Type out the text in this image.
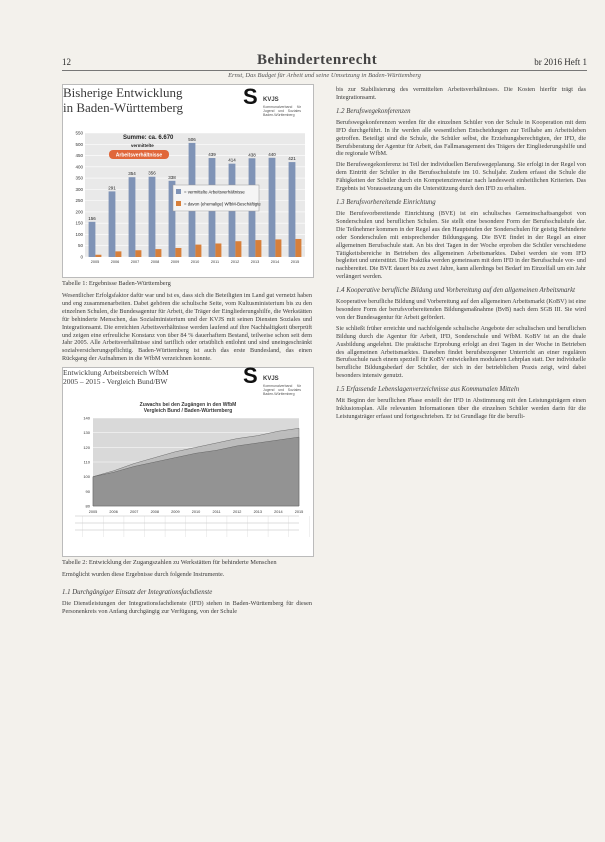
12	Behindertenrecht	br 2016 Heft 1
Ernst, Das Budget für Arbeit und seine Umsetzung in Baden-Württemberg
Bisherige Entwicklung
in Baden-Württemberg	S KVJS
Kommunalverband für Jugend und Soziales Baden-Württemberg
0
50
100
150
200
250
300
350
400
450
500
550
156
2005
291
2006
354
2007
356
2008
338
2009
506
2010
439
2011
414
2012
438
2013
440
2014
421
2015
Summe: ca. 6.670
vermittelte
Arbeitsverhältnisse
= vermittelte Arbeitsverhältnisse
= davon (ehemalige) WfbM-Beschäftigte
Tabelle 1: Ergebnisse Baden-Württemberg

Wesentlicher Erfolgsfaktor dafür war und ist es, dass sich die Beteiligten im Land gut vernetzt haben und eng zusammenarbeiten. Dabei gehören die schulische Seite, vom Kultusministerium bis zu den einzelnen Schulen, die Bundesagentur für Arbeit, die Träger der Eingliederungshilfe, die Werkstätten für behinderte Menschen, das Sozialministerium und der KVJS mit seinen Diensten Soziales und Integrationsamt. Die erreichten Arbeitsverhältnisse werden laufend auf ihre Nachhaltigkeit überprüft und zeigen eine erfreuliche Konstanz von über 84 % dauerhaftem Bestand, teilweise schon seit dem Jahr 2005. Alle Arbeitsverhältnisse sind tariflich oder ortsüblich entlohnt und sind uneingeschränkt sozialversicherungspflichtig. Baden-Württemberg ist auch das erste Bundesland, das einen Rückgang der Aufnahmen in die WfbM verzeichnen konnte.

Entwicklung Arbeitsbereich WfbM
2005 – 2015 - Vergleich Bund/BW	S KVJS
Kommunalverband für Jugend und Soziales Baden-Württemberg
Zuwachs bei den Zugängen in den WfbM
Vergleich Bund / Baden-Württemberg
80
90
100
110
120
130
140
2005	2006	2007	2008	2009	2010	2011	2012	2013	2014	2015
Tabelle 2: Entwicklung der Zugangszahlen zu Werkstätten für behinderte Menschen

Ermöglicht wurden diese Ergebnisse durch folgende Instrumente.

1.1 Durchgängiger Einsatz der Integrationsfachdienste

Die Dienstleistungen der Integrationsfachdienste (IFD) stehen in Baden-Württemberg für diesen Personenkreis von Anfang durchgängig zur Verfügung, von der Schule

bis zur Stabilisierung des vermittelten Arbeitsverhältnisses. Die Kosten hierfür trägt das Integrationsamt.

1.2 Berufswegekonferenzen

Berufswegekonferenzen werden für die einzelnen Schüler von der Schule in Kooperation mit dem IFD durchgeführt. In ihr werden alle wesentlichen Entscheidungen zur Teilhabe am Arbeitsleben getroffen. Beteiligt sind die Schule, die Schüler selbst, die Erziehungsberechtigten, der IFD, die Berufsberatung der Agentur für Arbeit, das Fallmanagement des Trägers der Eingliederungshilfe und die regionale WfbM.

Die Berufswegekonferenz ist Teil der individuellen Berufswegeplanung. Sie erfolgt in der Regel von dem Eintritt der Schüler in die Berufsschulstufe im 10. Schuljahr. Zudem erfasst die Schule die Fähigkeiten der Schüler durch ein Kompetenzinventar nach landesweit einheitlichen Kriterien. Das Ergebnis ist Voraussetzung um die Unterstützung durch den IFD zu erhalten.

1.3 Berufsvorbereitende Einrichtung

Die Berufsvorbereitende Einrichtung (BVE) ist ein schulisches Gemeinschaftsangebot von Sonderschulen und beruflichen Schulen. Sie stellt eine besondere Form der Berufsschulstufe dar. Die Teilnehmer kommen in der Regel aus den Hauptstufen der Sonderschulen für geistig Behinderte oder Sonderschulen mit entsprechender Bildungsgang. Die BVE findet in der Regel an einer allgemeinen Berufsschule statt. An bis drei Tagen in der Woche erproben die Schüler verschiedene Tätigkeitsbereiche in Betrieben des allgemeinen Arbeitsmarktes. Dabei werden sie vom IFD begleitet und unterstützt. Die Praktika werden gemeinsam mit dem IFD in der Berufsschule vor- und nachbereitet. Die BVE dauert bis zu zwei Jahre, kann allerdings bei Bedarf im Einzelfall um ein Jahr verlängert werden.

1.4 Kooperative berufliche Bildung und Vorbereitung auf den allgemeinen Arbeitsmarkt

Kooperative berufliche Bildung und Vorbereitung auf den allgemeinen Arbeitsmarkt (KoBV) ist eine besondere Form der berufsvorbereitenden Bildungsmaßnahme (BvB) nach dem SGB III. Sie wird von der Bundesagentur für Arbeit gefördert.

Sie schließt früher erreichte und nachfolgende schulische Angebote der schulischen und beruflichen Bildung durch die Agentur für Arbeit, IFD, Sonderschule und WfbM. KoBV ist an die duale Ausbildung angelehnt. Die praktische Erprobung erfolgt an drei Tagen in der Woche in Betrieben des allgemeinen Arbeitsmarktes. Daneben findet berufsbezogener Unterricht an einer regulären Berufsschule nach einem speziell für KoBV entwickelten modularen Lehrplan statt. Der individuelle berufliche Bildungsbedarf der Schüler, der sich in der betrieblichen Praxis zeigt, wird dabei besonders intensiv genutzt.

1.5 Erfassende Lebenslagenverzeichnisse aus Kommunalen Mitteln

Mit Beginn der beruflichen Phase erstellt der IFD in Abstimmung mit den Leistungsträgern einen Inklusionsplan. Alle relevanten Informationen über die einzelnen Schüler werden darin für die Leistungsträger erfasst und fortgeschrieben. Er ist Grundlage für die berufli-
